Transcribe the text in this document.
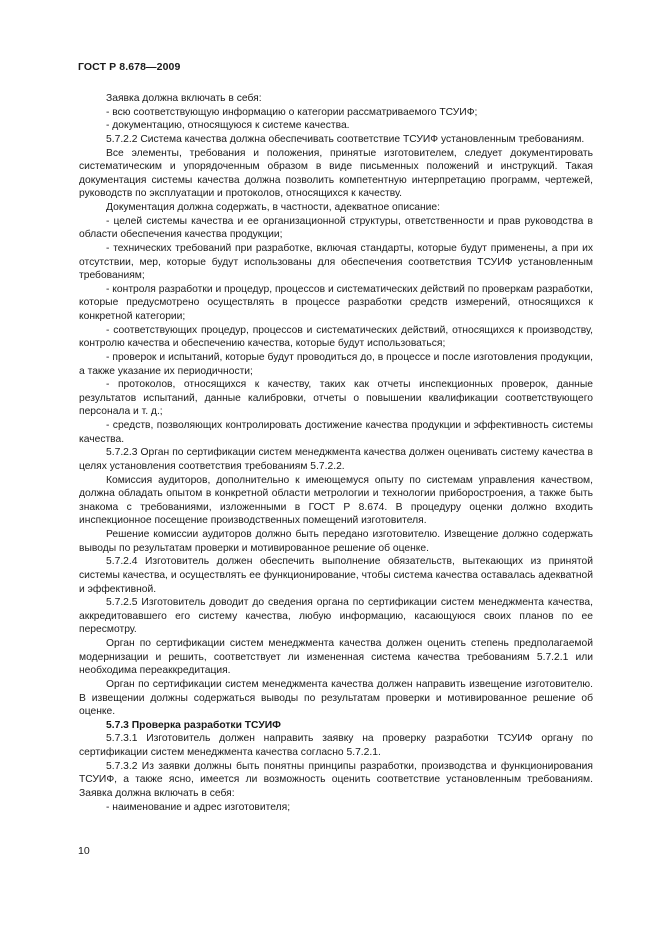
ГОСТ Р 8.678—2009

Заявка должна включать в себя:

- всю соответствующую информацию о категории рассматриваемого ТСУИФ;

- документацию, относящуюся к системе качества.

5.7.2.2 Система качества должна обеспечивать соответствие ТСУИФ установленным требованиям.

Все элементы, требования и положения, принятые изготовителем, следует документировать систематическим и упорядоченным образом в виде письменных положений и инструкций. Такая документация системы качества должна позволить компетентную интерпретацию программ, чертежей, руководств по эксплуатации и протоколов, относящихся к качеству.

Документация должна содержать, в частности, адекватное описание:

- целей системы качества и ее организационной структуры, ответственности и прав руководства в области обеспечения качества продукции;

- технических требований при разработке, включая стандарты, которые будут применены, а при их отсутствии, мер, которые будут использованы для обеспечения соответствия ТСУИФ установленным требованиям;

- контроля разработки и процедур, процессов и систематических действий по проверкам разработки, которые предусмотрено осуществлять в процессе разработки средств измерений, относящихся к конкретной категории;

- соответствующих процедур, процессов и систематических действий, относящихся к производству, контролю качества и обеспечению качества, которые будут использоваться;

- проверок и испытаний, которые будут проводиться до, в процессе и после изготовления продукции, а также указание их периодичности;

- протоколов, относящихся к качеству, таких как отчеты инспекционных проверок, данные результатов испытаний, данные калибровки, отчеты о повышении квалификации соответствующего персонала и т. д.;

- средств, позволяющих контролировать достижение качества продукции и эффективность системы качества.

5.7.2.3 Орган по сертификации систем менеджмента качества должен оценивать систему качества в целях установления соответствия требованиям 5.7.2.2.

Комиссия аудиторов, дополнительно к имеющемуся опыту по системам управления качеством, должна обладать опытом в конкретной области метрологии и технологии приборостроения, а также быть знакома с требованиями, изложенными в ГОСТ Р 8.674. В процедуру оценки должно входить инспекционное посещение производственных помещений изготовителя.

Решение комиссии аудиторов должно быть передано изготовителю. Извещение должно содержать выводы по результатам проверки и мотивированное решение об оценке.

5.7.2.4 Изготовитель должен обеспечить выполнение обязательств, вытекающих из принятой системы качества, и осуществлять ее функционирование, чтобы система качества оставалась адекватной и эффективной.

5.7.2.5 Изготовитель доводит до сведения органа по сертификации систем менеджмента качества, аккредитовавшего его систему качества, любую информацию, касающуюся своих планов по ее пересмотру.

Орган по сертификации систем менеджмента качества должен оценить степень предполагаемой модернизации и решить, соответствует ли измененная система качества требованиям 5.7.2.1 или необходима переаккредитация.

Орган по сертификации систем менеджмента качества должен направить извещение изготовителю. В извещении должны содержаться выводы по результатам проверки и мотивированное решение об оценке.

5.7.3 Проверка разработки ТСУИФ

5.7.3.1 Изготовитель должен направить заявку на проверку разработки ТСУИФ органу по сертификации систем менеджмента качества согласно 5.7.2.1.

5.7.3.2 Из заявки должны быть понятны принципы разработки, производства и функционирования ТСУИФ, а также ясно, имеется ли возможность оценить соответствие установленным требованиям. Заявка должна включать в себя:

- наименование и адрес изготовителя;

10
